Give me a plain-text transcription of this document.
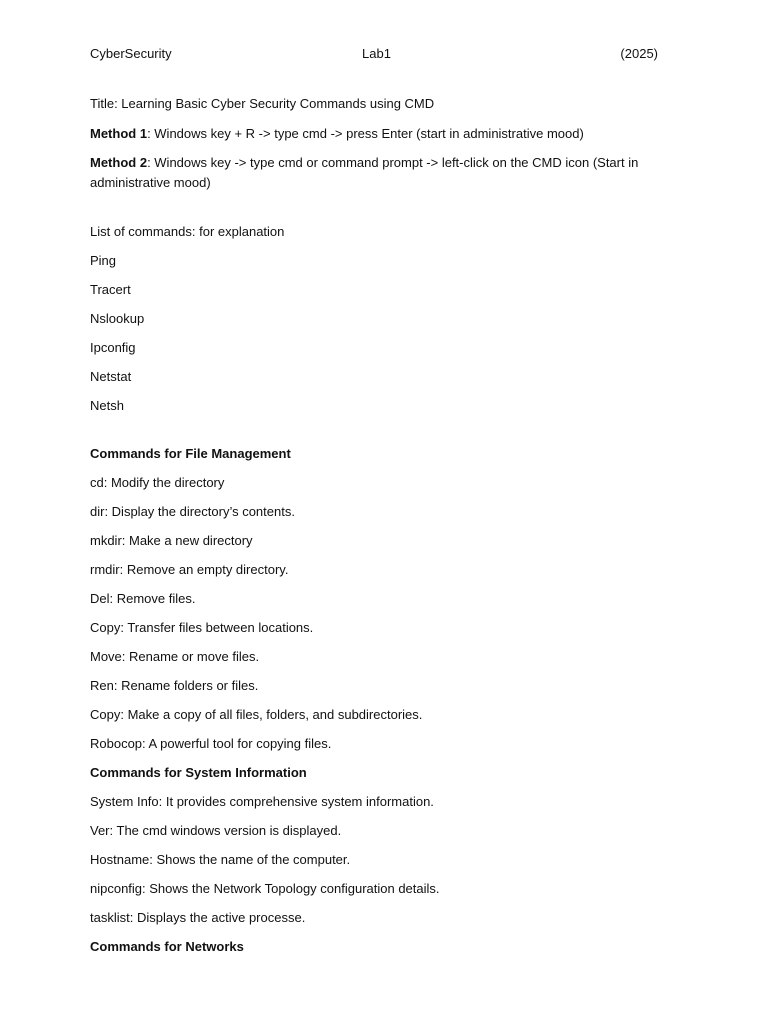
CyberSecurity	Lab1	(2025)
Title: Learning Basic Cyber Security Commands using CMD
Method 1: Windows key + R -> type cmd -> press Enter (start in administrative mood)
Method 2: Windows key -> type cmd or command prompt -> left-click on the CMD icon (Start in administrative mood)
List of commands: for explanation
Ping
Tracert
Nslookup
Ipconfig
Netstat
Netsh
Commands for File Management
cd: Modify the directory
dir: Display the directory’s contents.
mkdir: Make a new directory
rmdir: Remove an empty directory.
Del: Remove files.
Copy: Transfer files between locations.
Move: Rename or move files.
Ren: Rename folders or files.
Copy: Make a copy of all files, folders, and subdirectories.
Robocop: A powerful tool for copying files.
Commands for System Information
System Info: It provides comprehensive system information.
Ver: The cmd windows version is displayed.
Hostname: Shows the name of the computer.
nipconfig: Shows the Network Topology configuration details.
tasklist: Displays the active processe.
Commands for Networks
